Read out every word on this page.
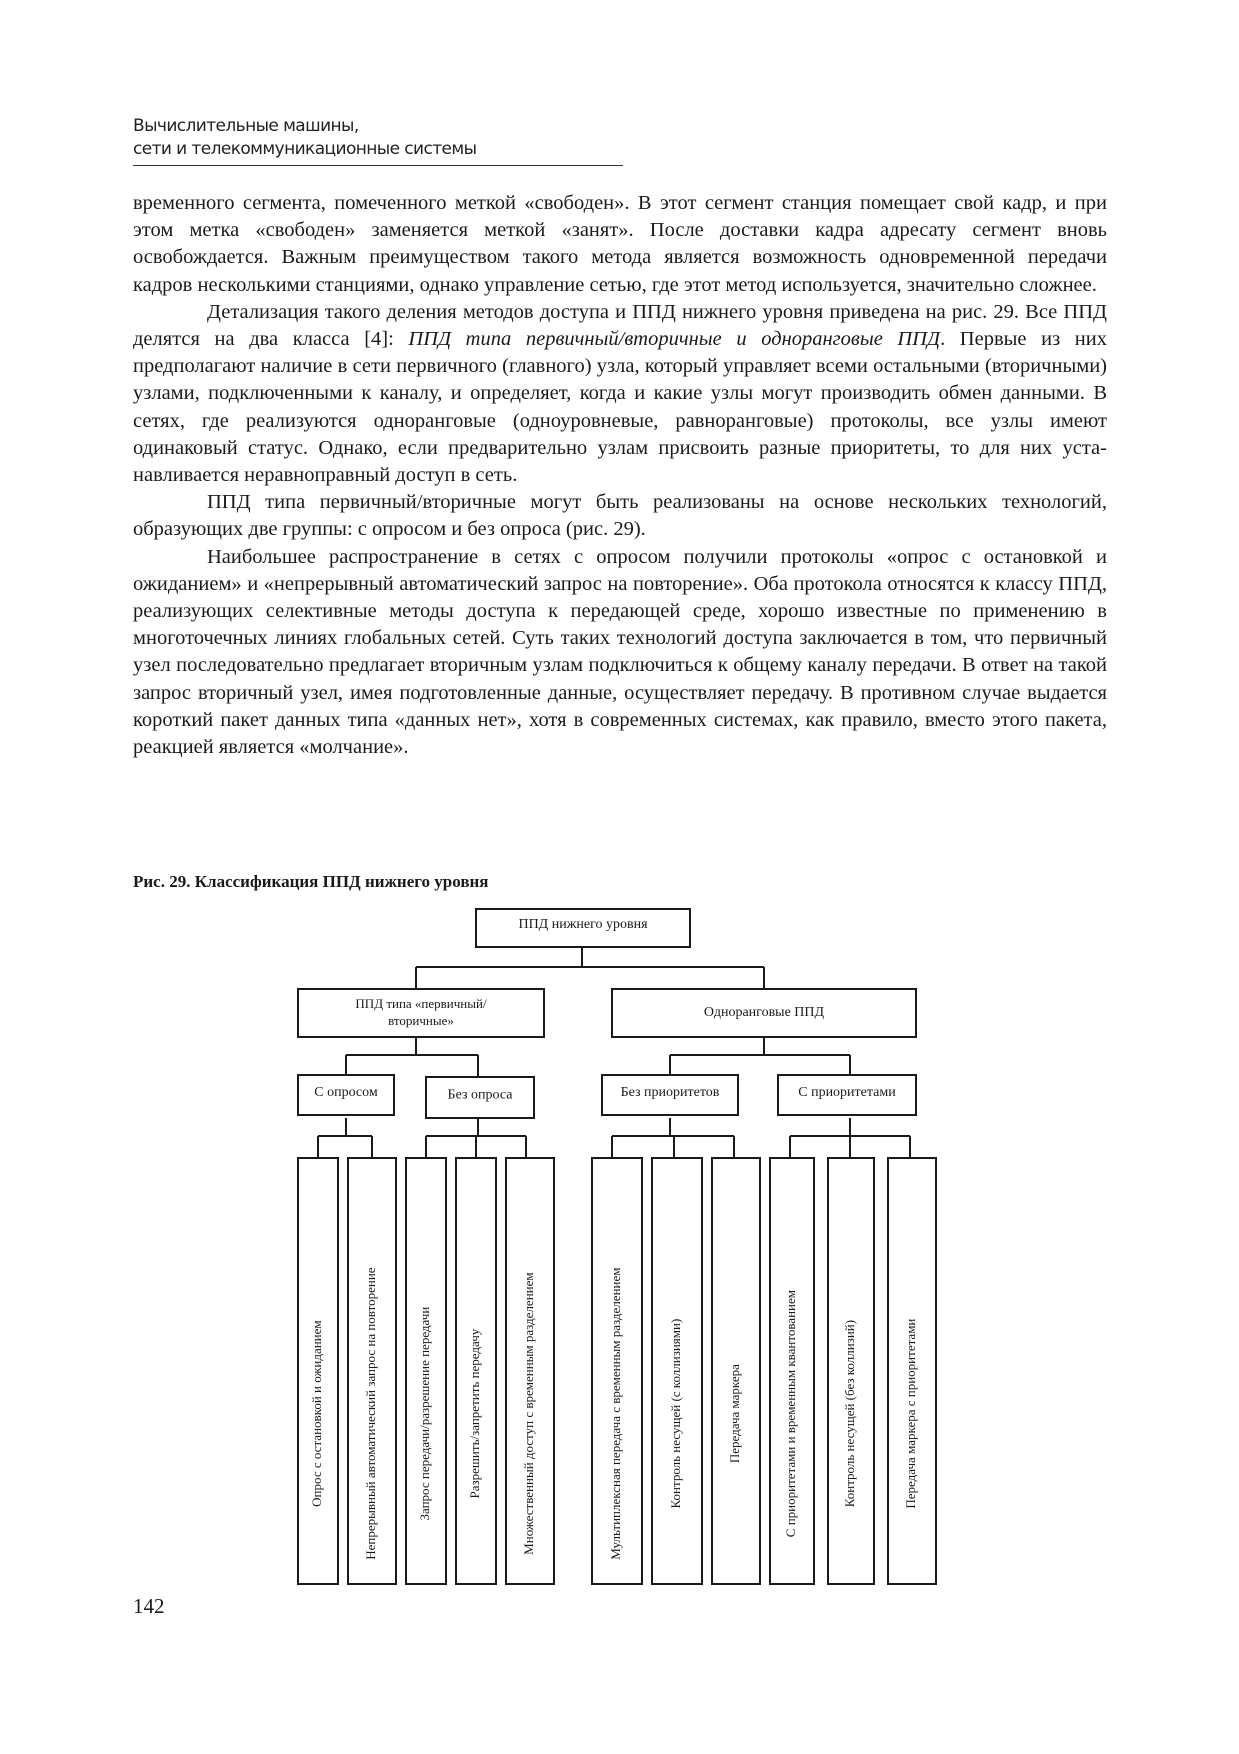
Вычислительные машины,
сети и телекоммуникационные системы

временного сегмента, помеченного меткой «свободен». В этот сегмент станция помещает свой кадр, и при этом метка «свободен» заменяется меткой «занят». После доставки кадра адресату сегмент вновь освобождается. Важным преимуществом такого метода является возможность одновременной передачи кадров несколькими станциями, однако управление сетью, где этот метод используется, значительно сложнее.

Детализация такого деления методов доступа и ППД нижнего уровня приведена на рис. 29. Все ППД делятся на два класса [4]: ППД типа первичный/вторичные и одноранговые ППД. Первые из них предполагают наличие в сети первичного (главного) узла, который управляет всеми остальными (вторичными) узлами, подключенными к каналу, и определяет, когда и какие узлы могут производить обмен данными. В сетях, где реализуются одноранговые (одноуровневые, равноранговые) протоколы, все узлы имеют одинаковый статус. Однако, если предварительно узлам присвоить разные приоритеты, то для них устанавливается неравноправный доступ в сеть.

ППД типа первичный/вторичные могут быть реализованы на основе нескольких технологий, образующих две группы: с опросом и без опроса (рис. 29).

Наибольшее распространение в сетях с опросом получили протоколы «опрос с остановкой и ожиданием» и «непрерывный автоматический запрос на повторение». Оба протокола относятся к классу ППД, реализующих селективные методы доступа к передающей среде, хорошо известные по применению в многоточечных линиях глобальных сетей. Суть таких технологий доступа заключается в том, что первичный узел последовательно предлагает вторичным узлам подключиться к общему каналу передачи. В ответ на такой запрос вторичный узел, имея подготовленные данные, осуществляет передачу. В противном случае выдается короткий пакет данных типа «данных нет», хотя в современных системах, как правило, вместо этого пакета, реакцией является «молчание».

Рис. 29. Классификация ППД нижнего уровня
ППД нижнего уровня
ППД типа «первичный/
вторичные»
Одноранговые ППД
С опросом
Опрос с остановкой и ожиданием	Непрерывный автоматический запрос на повторение
Без опроса
Запрос передачи/разрешение передачи	Разрешить/запретить передачу	Множественный доступ с временным разделением
Без приоритетов
Мультиплексная передача с временным разделением	Контроль несущей (с коллизиями)	Передача маркера
С приоритетами
С приоритетами и временным квантованием	Контроль несущей (без коллизий)	Передача маркера с приоритетами
142
